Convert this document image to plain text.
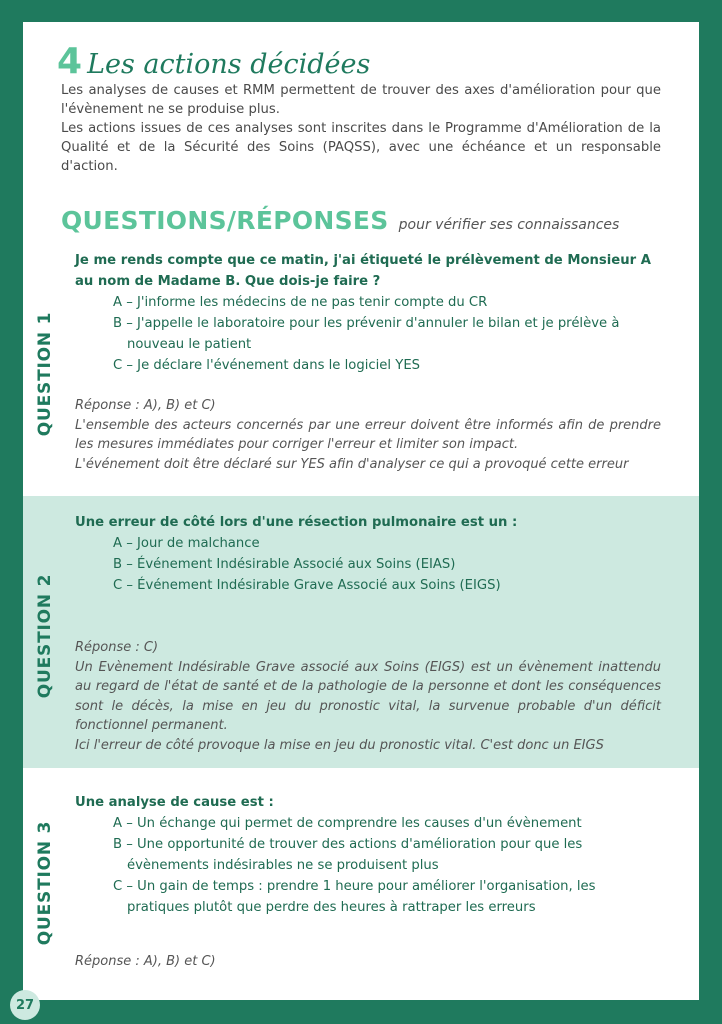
4 Les actions décidées

Les analyses de causes et RMM permettent de trouver des axes d'amélioration pour que l'évènement ne se produise plus.

Les actions issues de ces analyses sont inscrites dans le Programme d'Amélioration de la Qualité et de la Sécurité des Soins (PAQSS), avec une échéance et un responsable d'action.

QUESTIONS/RÉPONSES pour vérifier ses connaissances
QUESTION 1

Je me rends compte que ce matin, j'ai étiqueté le prélèvement de Monsieur A au nom de Madame B. Que dois-je faire ?

A – J'informe les médecins de ne pas tenir compte du CR
B – J'appelle le laboratoire pour les prévenir d'annuler le bilan et je prélève à nouveau le patient
C – Je déclare l'événement dans le logiciel YES

Réponse : A), B) et C)

L'ensemble des acteurs concernés par une erreur doivent être informés afin de prendre les mesures immédiates pour corriger l'erreur et limiter son impact.

L'événement doit être déclaré sur YES afin d'analyser ce qui a provoqué cette erreur

QUESTION 2

Une erreur de côté lors d'une résection pulmonaire est un :

A – Jour de malchance
B – Événement Indésirable Associé aux Soins (EIAS)
C – Événement Indésirable Grave Associé aux Soins (EIGS)

Réponse : C)

Un Evènement Indésirable Grave associé aux Soins (EIGS) est un évènement inattendu au regard de l'état de santé et de la pathologie de la personne et dont les conséquences sont le décès, la mise en jeu du pronostic vital, la survenue probable d'un déficit fonctionnel permanent.

Ici l'erreur de côté provoque la mise en jeu du pronostic vital. C'est donc un EIGS

QUESTION 3

Une analyse de cause est :

A – Un échange qui permet de comprendre les causes d'un évènement
B – Une opportunité de trouver des actions d'amélioration pour que les évènements indésirables ne se produisent plus
C – Un gain de temps : prendre 1 heure pour améliorer l'organisation, les pratiques plutôt que perdre des heures à rattraper les erreurs

Réponse : A), B) et C)

27
